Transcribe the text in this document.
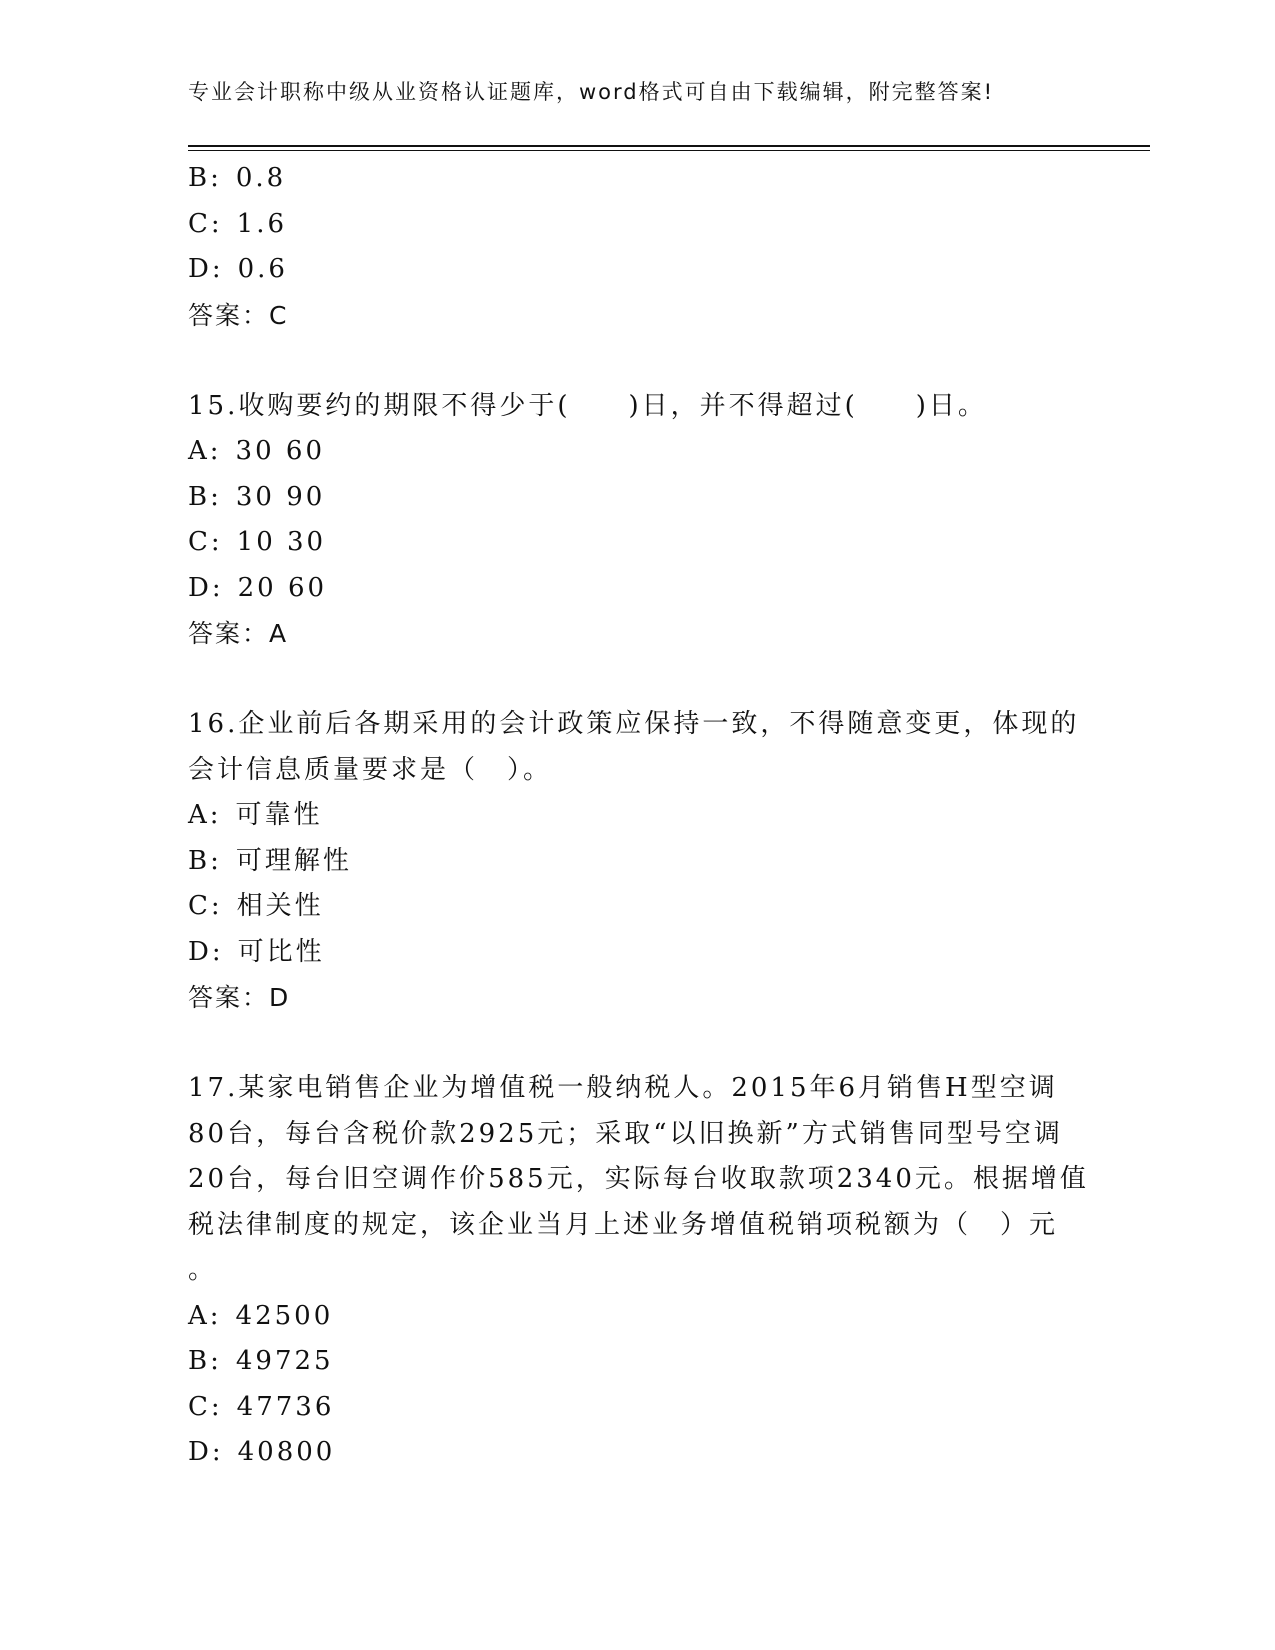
专业会计职称中级从业资格认证题库，word格式可自由下载编辑，附完整答案!
B: 0.8
C: 1.6
D: 0.6
答案：C
15.收购要约的期限不得少于(　　)日，并不得超过(　　)日。
A: 30 60
B: 30 90
C: 10 30
D: 20 60
答案：A
16.企业前后各期采用的会计政策应保持一致，不得随意变更，体现的
会计信息质量要求是（　）。
A: 可靠性
B: 可理解性
C: 相关性
D: 可比性
答案：D
17.某家电销售企业为增值税一般纳税人。2015年6月销售H型空调
80台，每台含税价款2925元；采取“以旧换新”方式销售同型号空调
20台，每台旧空调作价585元，实际每台收取款项2340元。根据增值
税法律制度的规定，该企业当月上述业务增值税销项税额为（　）元
。
A: 42500
B: 49725
C: 47736
D: 40800
